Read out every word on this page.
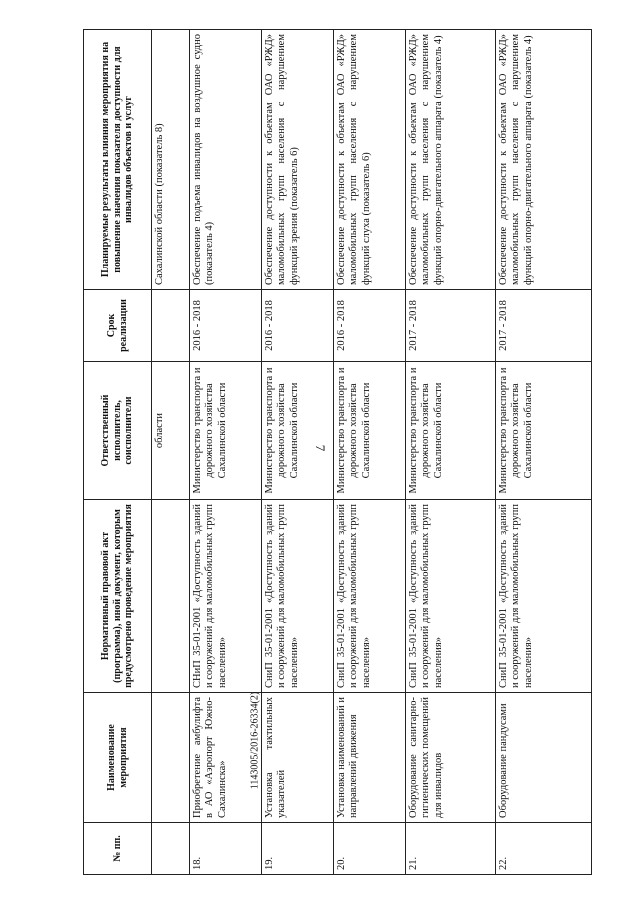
7
№ пп.	Наименование мероприятия	Нормативный правовой акт (программа), иной документ, которым предусмотрено проведение мероприятия	Ответственный исполнитель, соисполнители	Срок реализации	Планируемые результаты влияния мероприятия на повышение значения показателя доступности для инвалидов объектов и услуг
			области		Сахалинской области (показатель 8)
18.	Приобретение амбулифта в АО «Аэропорт Южно-Сахалинска»	СНиП 35-01-2001 «Доступность зданий и сооружений для маломобильных групп населения»	Министерство транспорта и дорожного хозяйства Сахалинской области	2016 - 2018	Обеспечение подъема инвалидов на воздушное судно (показатель 4)
19.	Установка тактильных указателей	СниП 35-01-2001 «Доступность зданий и сооружений для маломобильных групп населения»	Министерство транспорта и дорожного хозяйства Сахалинской области	2016 - 2018	Обеспечение доступности к объектам ОАО «РЖД» маломобильных групп населения с нарушением функций зрения (показатель 6)
20.	Установка наименований и направлений движения	СниП 35-01-2001 «Доступность зданий и сооружений для маломобильных групп населения»	Министерство транспорта и дорожного хозяйства Сахалинской области	2016 - 2018	Обеспечение доступности к объектам ОАО «РЖД» маломобильных групп населения с нарушением функций слуха (показатель 6)
21.	Оборудование санитарно-гигиенических помещений для инвалидов	СниП 35-01-2001 «Доступность зданий и сооружений для маломобильных групп населения»	Министерство транспорта и дорожного хозяйства Сахалинской области	2017 - 2018	Обеспечение доступности к объектам ОАО «РЖД» маломобильных групп населения с нарушением функций опорно-двигательного аппарата (показатель 4)
22.	Оборудование пандусами	СниП 35-01-2001 «Доступность зданий и сооружений для маломобильных групп населения»	Министерство транспорта и дорожного хозяйства Сахалинской области	2017 - 2018	Обеспечение доступности к объектам ОАО «РЖД» маломобильных групп населения с нарушением функций опорно-двигательного аппарата (показатель 4)
1143005/2016-26334(2)
